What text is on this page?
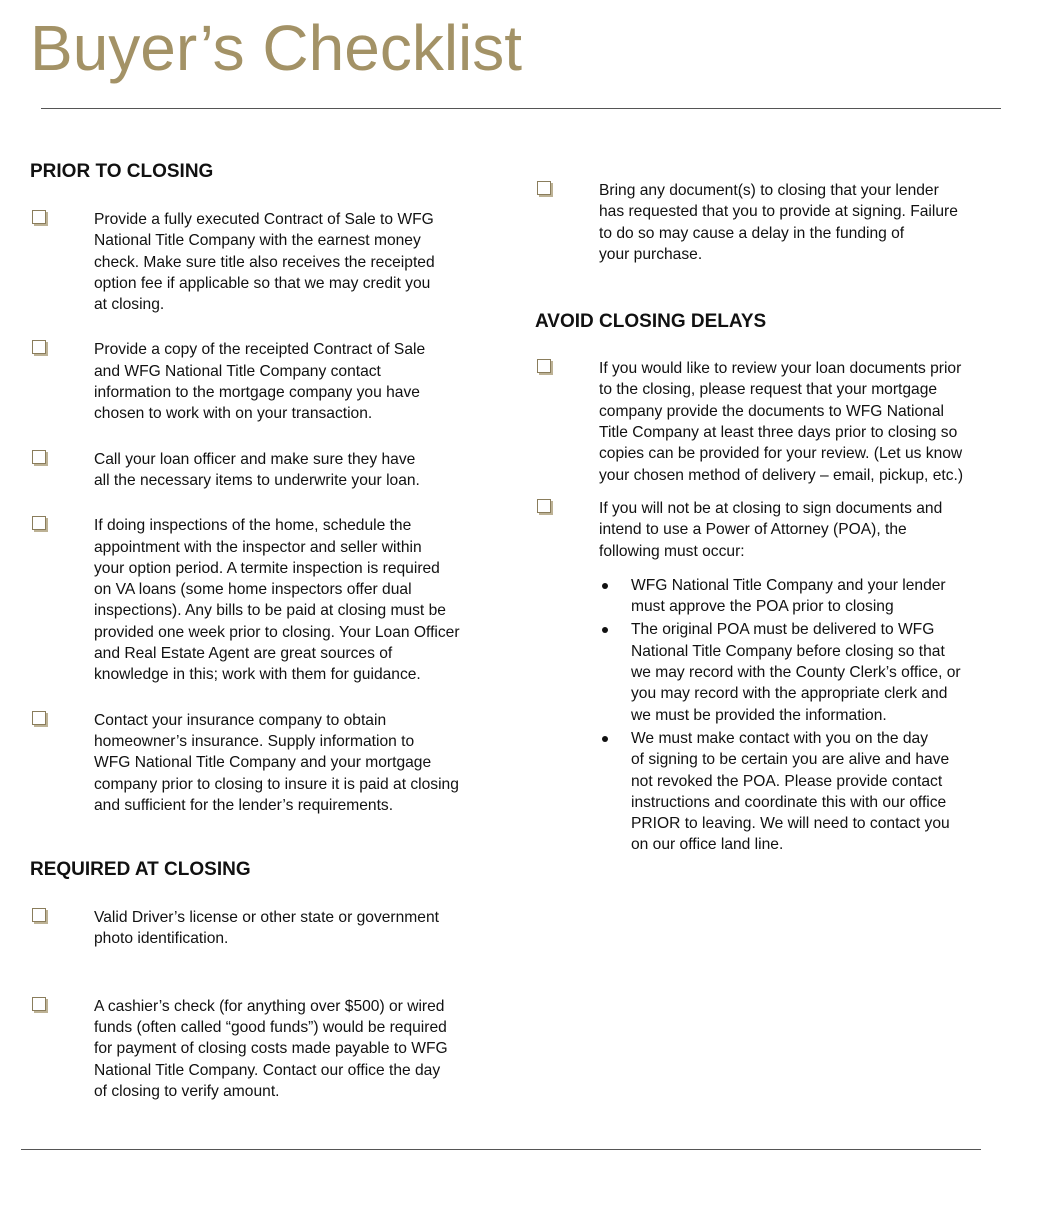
Buyer’s Checklist
PRIOR TO CLOSING
Provide a fully executed Contract of Sale to WFG
National Title Company with the earnest money
check. Make sure title also receives the receipted
option fee if applicable so that we may credit you
at closing.
Provide a copy of the receipted Contract of Sale
and WFG National Title Company contact
information to the mortgage company you have
chosen to work with on your transaction.
Call your loan officer and make sure they have
all the necessary items to underwrite your loan.
If doing inspections of the home, schedule the
appointment with the inspector and seller within
your option period. A termite inspection is required
on VA loans (some home inspectors offer dual
inspections). Any bills to be paid at closing must be
provided one week prior to closing. Your Loan Officer
and Real Estate Agent are great sources of
knowledge in this; work with them for guidance.
Contact your insurance company to obtain
homeowner’s insurance. Supply information to
WFG National Title Company and your mortgage
company prior to closing to insure it is paid at closing
and sufficient for the lender’s requirements.
REQUIRED AT CLOSING
Valid Driver’s license or other state or government
photo identification.
A cashier’s check (for anything over $500) or wired
funds (often called “good funds”) would be required
for payment of closing costs made payable to WFG
National Title Company. Contact our office the day
of closing to verify amount.
Bring any document(s) to closing that your lender
has requested that you to provide at signing. Failure
to do so may cause a delay in the funding of
your purchase.
AVOID CLOSING DELAYS
If you would like to review your loan documents prior
to the closing, please request that your mortgage
company provide the documents to WFG National
Title Company at least three days prior to closing so
copies can be provided for your review. (Let us know
your chosen method of delivery – email, pickup, etc.)
If you will not be at closing to sign documents and
intend to use a Power of Attorney (POA), the
following must occur:
WFG National Title Company and your lender
must approve the POA prior to closing
The original POA must be delivered to WFG
National Title Company before closing so that
we may record with the County Clerk’s office, or
you may record with the appropriate clerk and
we must be provided the information.
We must make contact with you on the day
of signing to be certain you are alive and have
not revoked the POA. Please provide contact
instructions and coordinate this with our office
PRIOR to leaving. We will need to contact you
on our office land line.
